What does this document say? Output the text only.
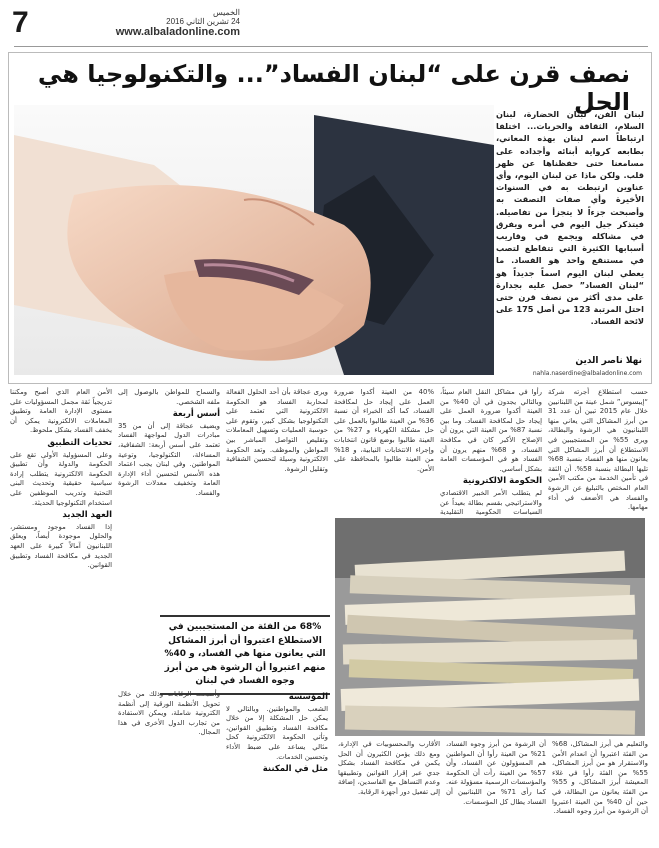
7	الخميس
24 تشرين الثاني 2016
www.albaladonline.com
نصف قرن على “لبنان الفساد”... والتكنولوجيا هي الحل
لبنان الفن، لبنان الحضارة، لبنان السلام، الثقافة والحريات... اختلفا ارتباطاً اسم لبنان بهذه المعاني، بطابعه كرواية أبنائه وأجداده على مسامعنا حتى حفظناها عن ظهر قلب. ولكن ماذا عن لبنان اليوم، وأي عناوين ارتبطت به في السنوات الأخيرة وأي صفات التصقت به وأصبحت جزءاً لا يتجزأ من تفاصيله. فيتذكر جيل اليوم في أمره ويفرق في مشاكله ويجمع في وقاريب أسبابها الكثيرة التي تتقاطع لتصب في مستنقع واحد هو الفساد. ما يعطي لبنان اليوم اسماً جديداً هو “لبنان الفساد” حصل عليه بجدارة على مدى أكثر من نصف قرن حتى احتل المرتبة 123 من أصل 175 على لائحة الفساد.
نهلا ناصر الدين
nahla.naserdine@albaladonline.com

حسب استطلاع أجرته شركة “إيبسوس” شمل عينة من اللبنانيين خلال عام 2015 تبين أن عدد 31 من أبرز المشاكل التي يعاني منها اللبنانيون هي الرشوة والبطالة، ويرى 55% من المستجيبين في الاستطلاع أن أبرز المشاكل التي يعانون منها هو الفساد بنسبة 68% تليها البطالة بنسبة 58%. أن الثقة في تأمين الخدمة من مكتب الأمين العام المختص بالتبليغ عن الرشوة والفساد هي الأضعف في أداء مهامها.

رأوا في مشاكل النقل العام سيئاً، وبالتالي يجدون في أن 40% من العينة أكدوا ضرورة العمل على إيجاد حل لمكافحة الفساد. وما بين نسبة 87% من العينة التي يرون أن الإصلاح الأكبر كان في مكافحة الفساد، و 68% منهم يرون أن الفساد هو في المؤسسات العامة بشكل أساسي.

الحكومة الالكترونية

لم يتطلب الأمر الخبير الاقتصادي والاستراتيجي بقسم بطالة بعيداً عن السياسات الحكومية التقليدية

40% من العينة أكدوا ضرورة العمل على إيجاد حل لمكافحة الفساد، كما أكد الخبراء أن نسبة 36% من العينة طالبوا بالعمل على حل مشكلة الكهرباء و 27% من العينة طالبوا بوضع قانون انتخابات وإجراء الانتخابات النيابية، و 18% من العينة طالبوا بالمحافظة على الأمن.

ويرى عجاقة بأن أحد الحلول الفعالة لمحاربة الفساد هو الحكومة الالكترونية التي تعتمد على التكنولوجيا بشكل كبير، وتقوم على حوسبة العمليات وتسهيل المعاملات وتقليص التواصل المباشر بين المواطن والموظف. وتعد الحكومة الالكترونية وسيلة لتحسين الشفافية وتقليل الرشوة.

والسماح للمواطن بالوصول إلى ملفه الشخصي.

أسس أربعة

ويضيف عجاقة إلى أن من 35 مبادرات الدول لمواجهة الفساد تعتمد على أسس أربعة: الشفافية، المساءلة، التكنولوجيا، وتوعية المواطنين. وفي لبنان يجب اعتماد هذه الأسس لتحسين أداء الإدارة العامة وتخفيف معدلات الرشوة والفساد.

الأمن العام الذي أصبح ومكننا تدريجياً ثقة مجمل المسؤوليات على مستوى الإدارة العامة وتطبيق المعاملات الالكترونية يمكن أن يخفف الفساد بشكل ملحوظ.

تحديات التطبيق

وعلى المسؤولية الأولى تقع على الحكومة والدولة وأن تطبيق الحكومة الالكترونية يتطلب إرادة سياسية حقيقية وتحديث البنى التحتية وتدريب الموظفين على استخدام التكنولوجيا الحديثة.

العهد الجديد

إذا الفساد موجود ومستشر، والحلول موجودة أيضاً، ويعلق اللبنانيون آمالاً كبيرة على العهد الجديد في مكافحة الفساد وتطبيق القوانين.

68% من الفئة من المستجيبين في الاستطلاع اعتبروا أن أبرز المشاكل التي يعانون منها هي الفساد، و 40% منهم اعتبروا أن الرشوة هي من أبرز وجوه الفساد في لبنان

والتعليم هي أبرز المشاكل، 68% من الفئة اعتبروا أن انعدام الأمن والاستقرار هو من أبرز المشاكل، 55% من الفئة رأوا في غلاء المعيشة أبرز المشاكل، و 55% من الفئة يعانون من البطالة، في حين أن 40% من العينة اعتبروا أن الرشوة من أبرز وجوه الفساد.

أن الرشوة من أبرز وجوه الفساد، 21% من العينة رأوا أن المواطنين هم المسؤولون عن الفساد، وأن 57% من العينة رأت أن الحكومة والمؤسسات الرسمية مسؤولة عنه. كما رأى 71% من اللبنانيين أن الفساد يطال كل المؤسسات.

الأقارب والمحسوبيات في الإدارة، ومع ذلك يؤمن الكثيرون أن الحل يكمن في مكافحة الفساد بشكل جدي عبر إقرار القوانين وتطبيقها وعدم التساهل مع الفاسدين، إضافة إلى تفعيل دور أجهزة الرقابة.

المؤسسة

الشعب والمواطنين. وبالتالي لا يمكن حل المشكلة إلا من خلال مكافحة الفساد وتطبيق القوانين، وتأتي الحكومة الالكترونية كحل مثالي يساعد على ضبط الأداء وتحسين الخدمات.

مثل في المكننة

وأصبحت الرقابات وذلك من خلال تحويل الأنظمة الورقية إلى أنظمة الكترونية شاملة، ويمكن الاستفادة من تجارب الدول الأخرى في هذا المجال.
